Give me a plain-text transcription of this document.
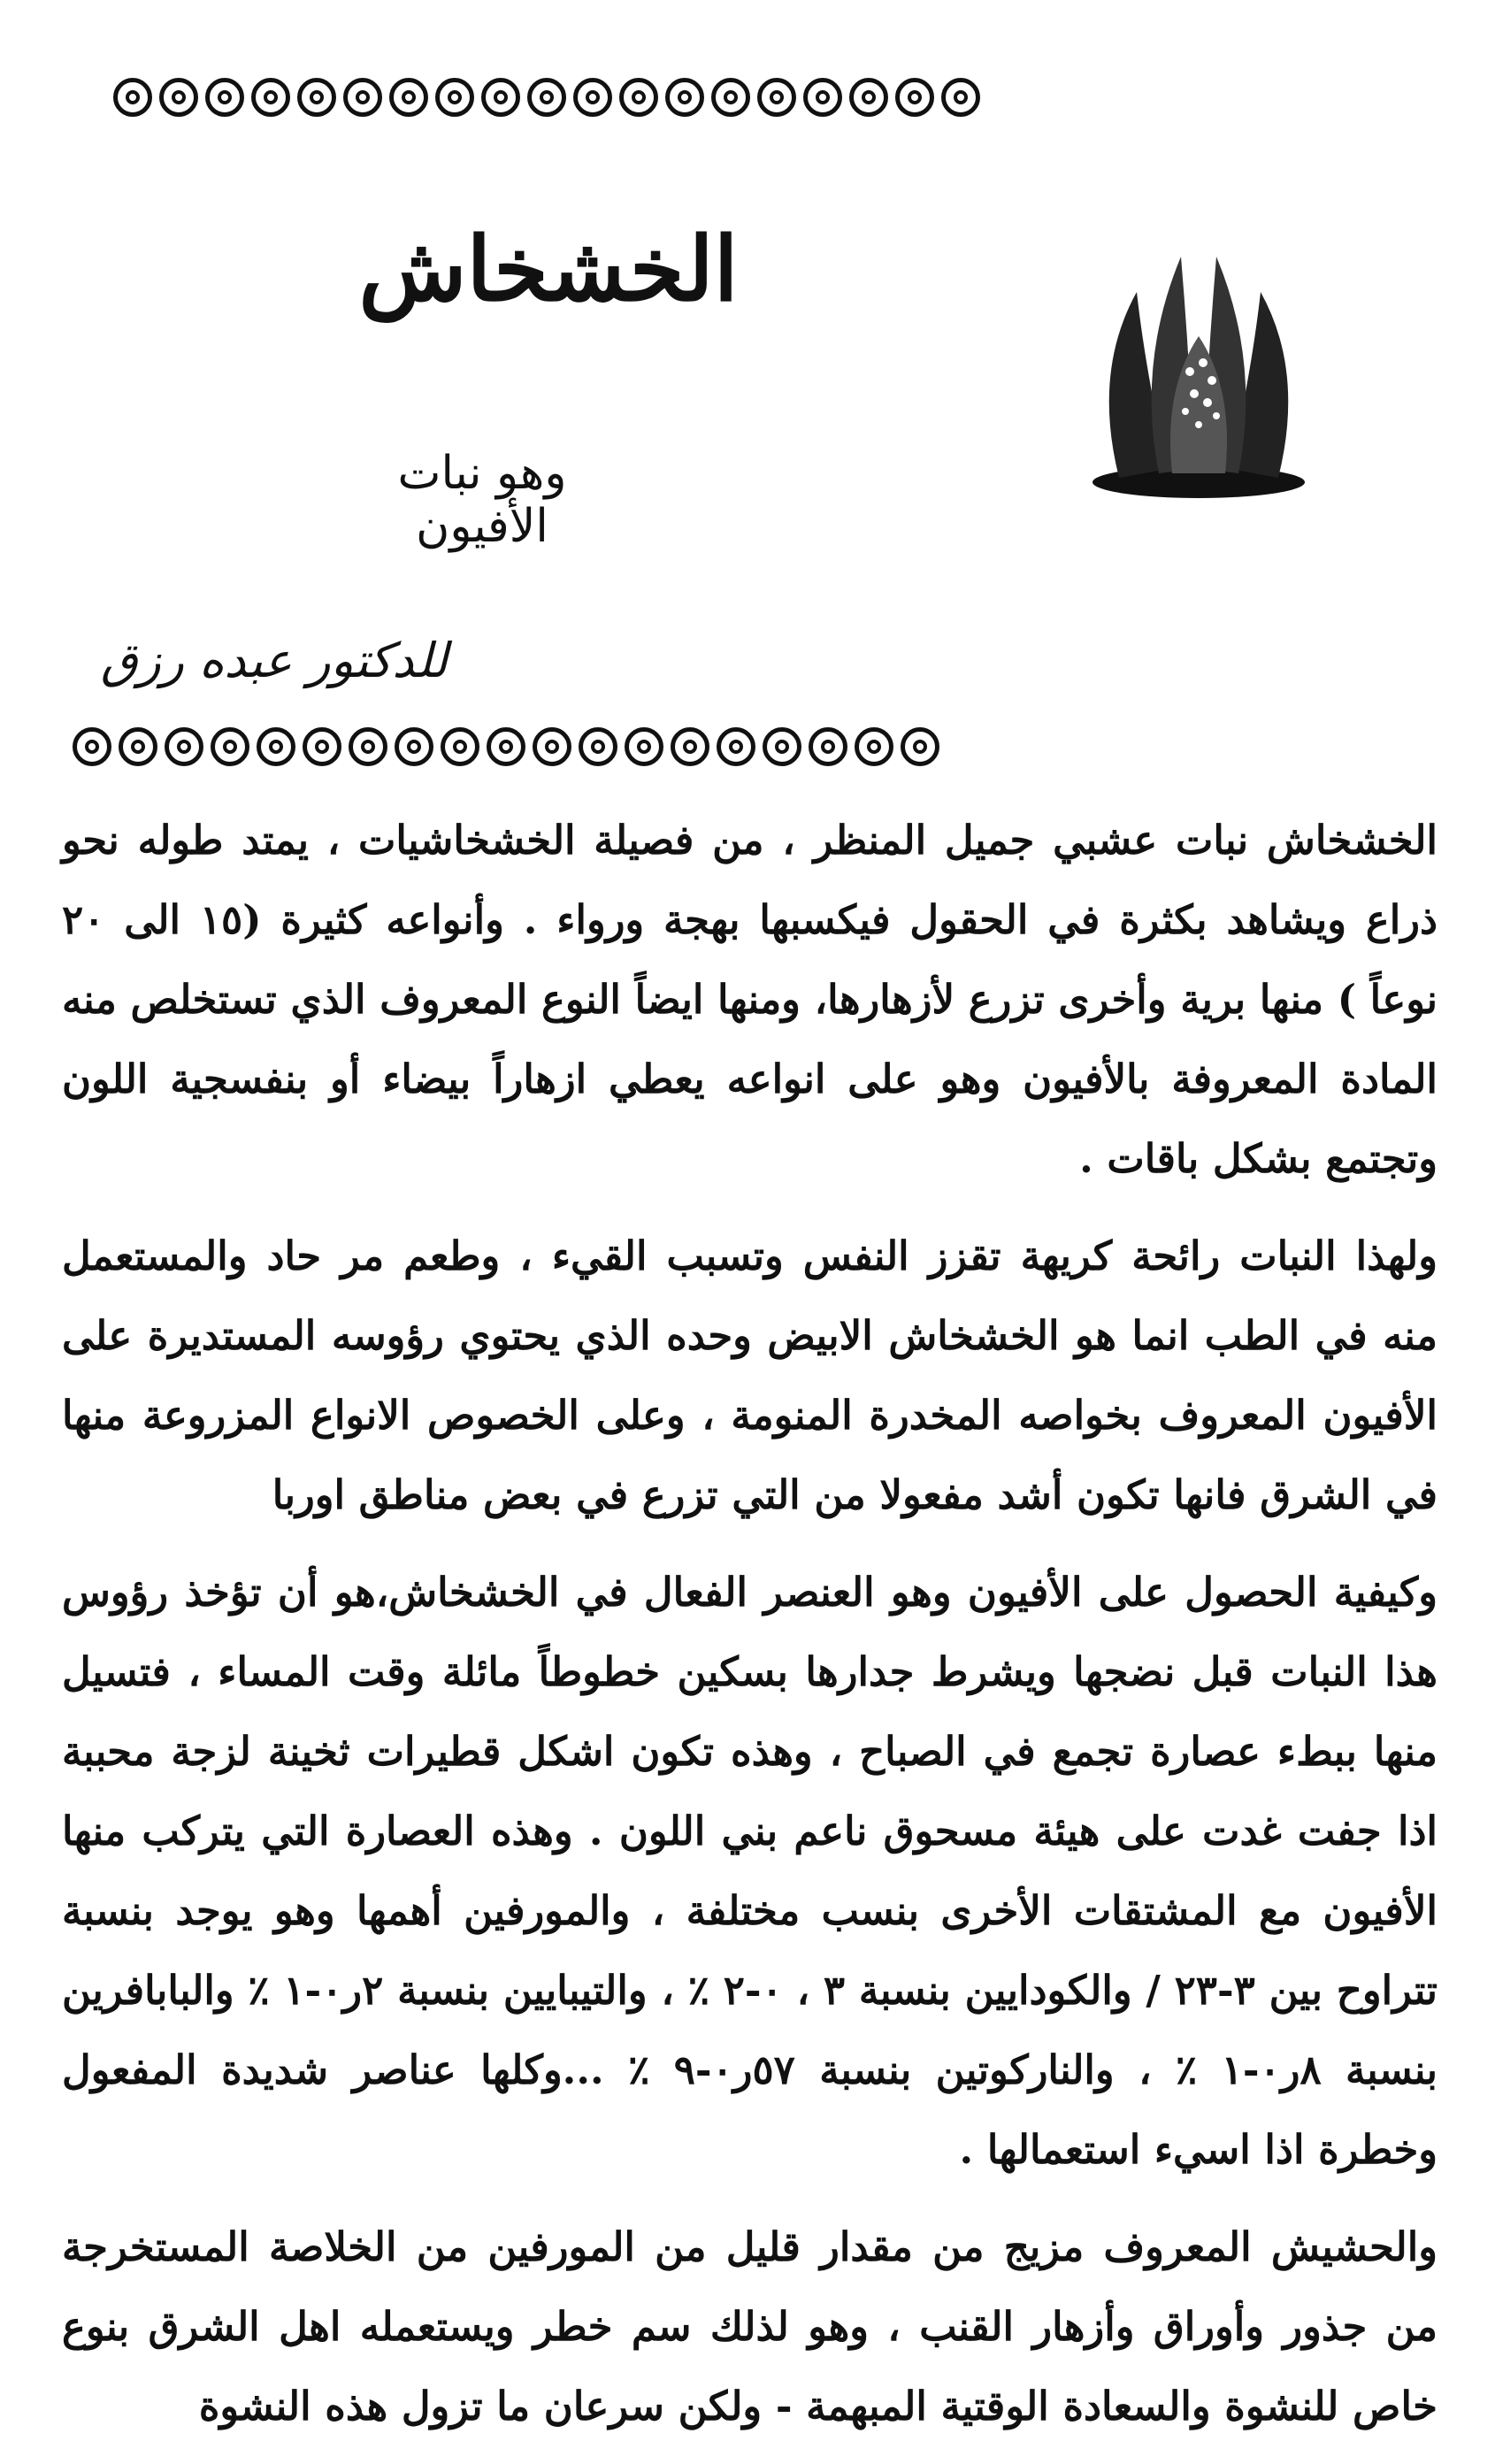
الخشخاش
وهو نبات الأفيون
للدكتور عبده رزق

الخشخاش نبات عشبي جميل المنظر ، من فصيلة الخشخاشيات ، يمتد طوله نحو ذراع ويشاهد بكثرة في الحقول فيكسبها بهجة ورواء . وأنواعه كثيرة (١٥ الى ٢٠ نوعاً ) منها برية وأخرى تزرع لأزهارها، ومنها ايضاً النوع المعروف الذي تستخلص منه المادة المعروفة بالأفيون وهو على انواعه يعطي ازهاراً بيضاء أو بنفسجية اللون وتجتمع بشكل باقات .

ولهذا النبات رائحة كريهة تقزز النفس وتسبب القيء ، وطعم مر حاد والمستعمل منه في الطب انما هو الخشخاش الابيض وحده الذي يحتوي رؤوسه المستديرة على الأفيون المعروف بخواصه المخدرة المنومة ، وعلى الخصوص الانواع المزروعة منها في الشرق فانها تكون أشد مفعولا من التي تزرع في بعض مناطق اوربا

وكيفية الحصول على الأفيون وهو العنصر الفعال في الخشخاش،هو أن تؤخذ رؤوس هذا النبات قبل نضجها ويشرط جدارها بسكين خطوطاً مائلة وقت المساء ، فتسيل منها ببطء عصارة تجمع في الصباح ، وهذه تكون اشكل قطيرات ثخينة لزجة محببة اذا جفت غدت على هيئة مسحوق ناعم بني اللون . وهذه العصارة التي يتركب منها الأفيون مع المشتقات الأخرى بنسب مختلفة ، والمورفين أهمها وهو يوجد بنسبة تتراوح بين ٣-٢٣ / والكودايين بنسبة ٣ ، ٠-٢ ٪ ، والتيبايين بنسبة ٢ر٠-١ ٪ والبابافرين بنسبة ٨ر٠-١ ٪ ، والناركوتين بنسبة ٥٧ر٠-٩ ٪ ...وكلها عناصر شديدة المفعول وخطرة اذا اسيء استعمالها .

والحشيش المعروف مزيج من مقدار قليل من المورفين من الخلاصة المستخرجة من جذور وأوراق وأزهار القنب ، وهو لذلك سم خطر ويستعمله اهل الشرق بنوع خاص للنشوة والسعادة الوقتية المبهمة - ولكن سرعان ما تزول هذه النشوة
